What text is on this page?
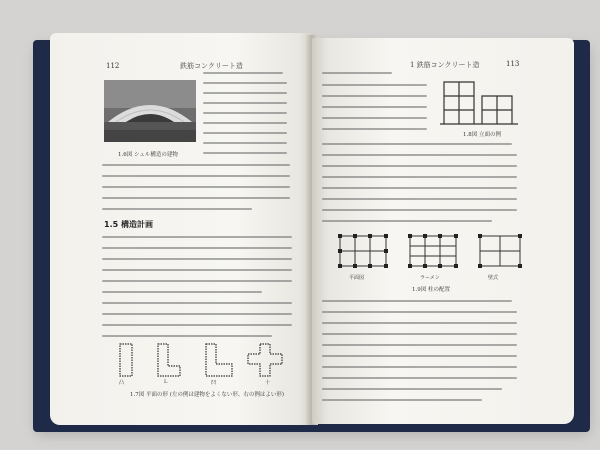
112	鉄筋コンクリート造
1.6図 シェル構造の建物
1.5 構造計画
凸	L	凹	十
1.7図 平面の形 (左の例は建物をよくない形、右の例はよい形)
1 鉄筋コンクリート造	113
1.8図 立面の例
平面図	ラーメン	壁式
1.9図 柱の配置
